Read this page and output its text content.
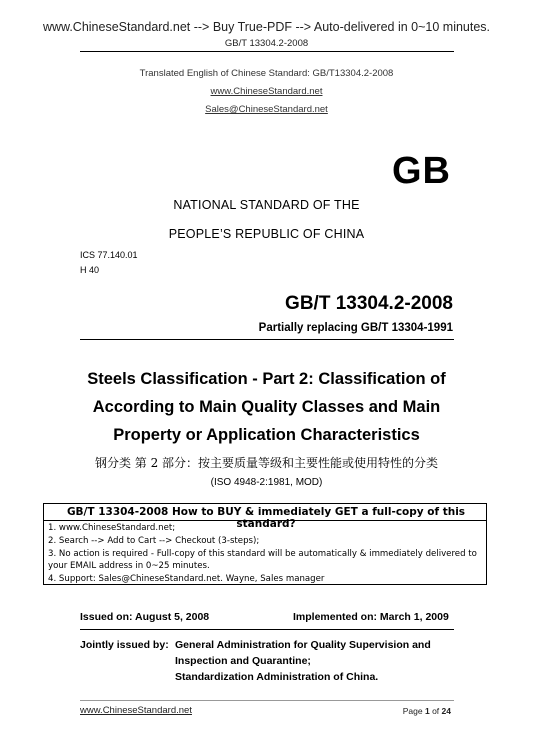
www.ChineseStandard.net --> Buy True-PDF --> Auto-delivered in 0~10 minutes.
GB/T 13304.2-2008
Translated English of Chinese Standard: GB/T13304.2-2008
www.ChineseStandard.net
Sales@ChineseStandard.net
GB
NATIONAL STANDARD OF THE
PEOPLE’S REPUBLIC OF CHINA
ICS 77.140.01
H 40
GB/T 13304.2-2008
Partially replacing GB/T 13304-1991
Steels Classification - Part 2: Classification of
According to Main Quality Classes and Main
Property or Application Characteristics
钢分类 第 2 部分：按主要质量等级和主要性能或使用特性的分类
(ISO 4948-2:1981, MOD)
GB/T 13304-2008 How to BUY & immediately GET a full-copy of this standard?
1. www.ChineseStandard.net;
2. Search --> Add to Cart --> Checkout (3-steps);
3. No action is required - Full-copy of this standard will be automatically & immediately delivered to
your EMAIL address in 0~25 minutes.
4. Support: Sales@ChineseStandard.net. Wayne, Sales manager
Issued on: August 5, 2008	Implemented on: March 1, 2009
Jointly issued by: General Administration for Quality Supervision and
Inspection and Quarantine;
Standardization Administration of China.
www.ChineseStandard.net	Page 1 of 24
